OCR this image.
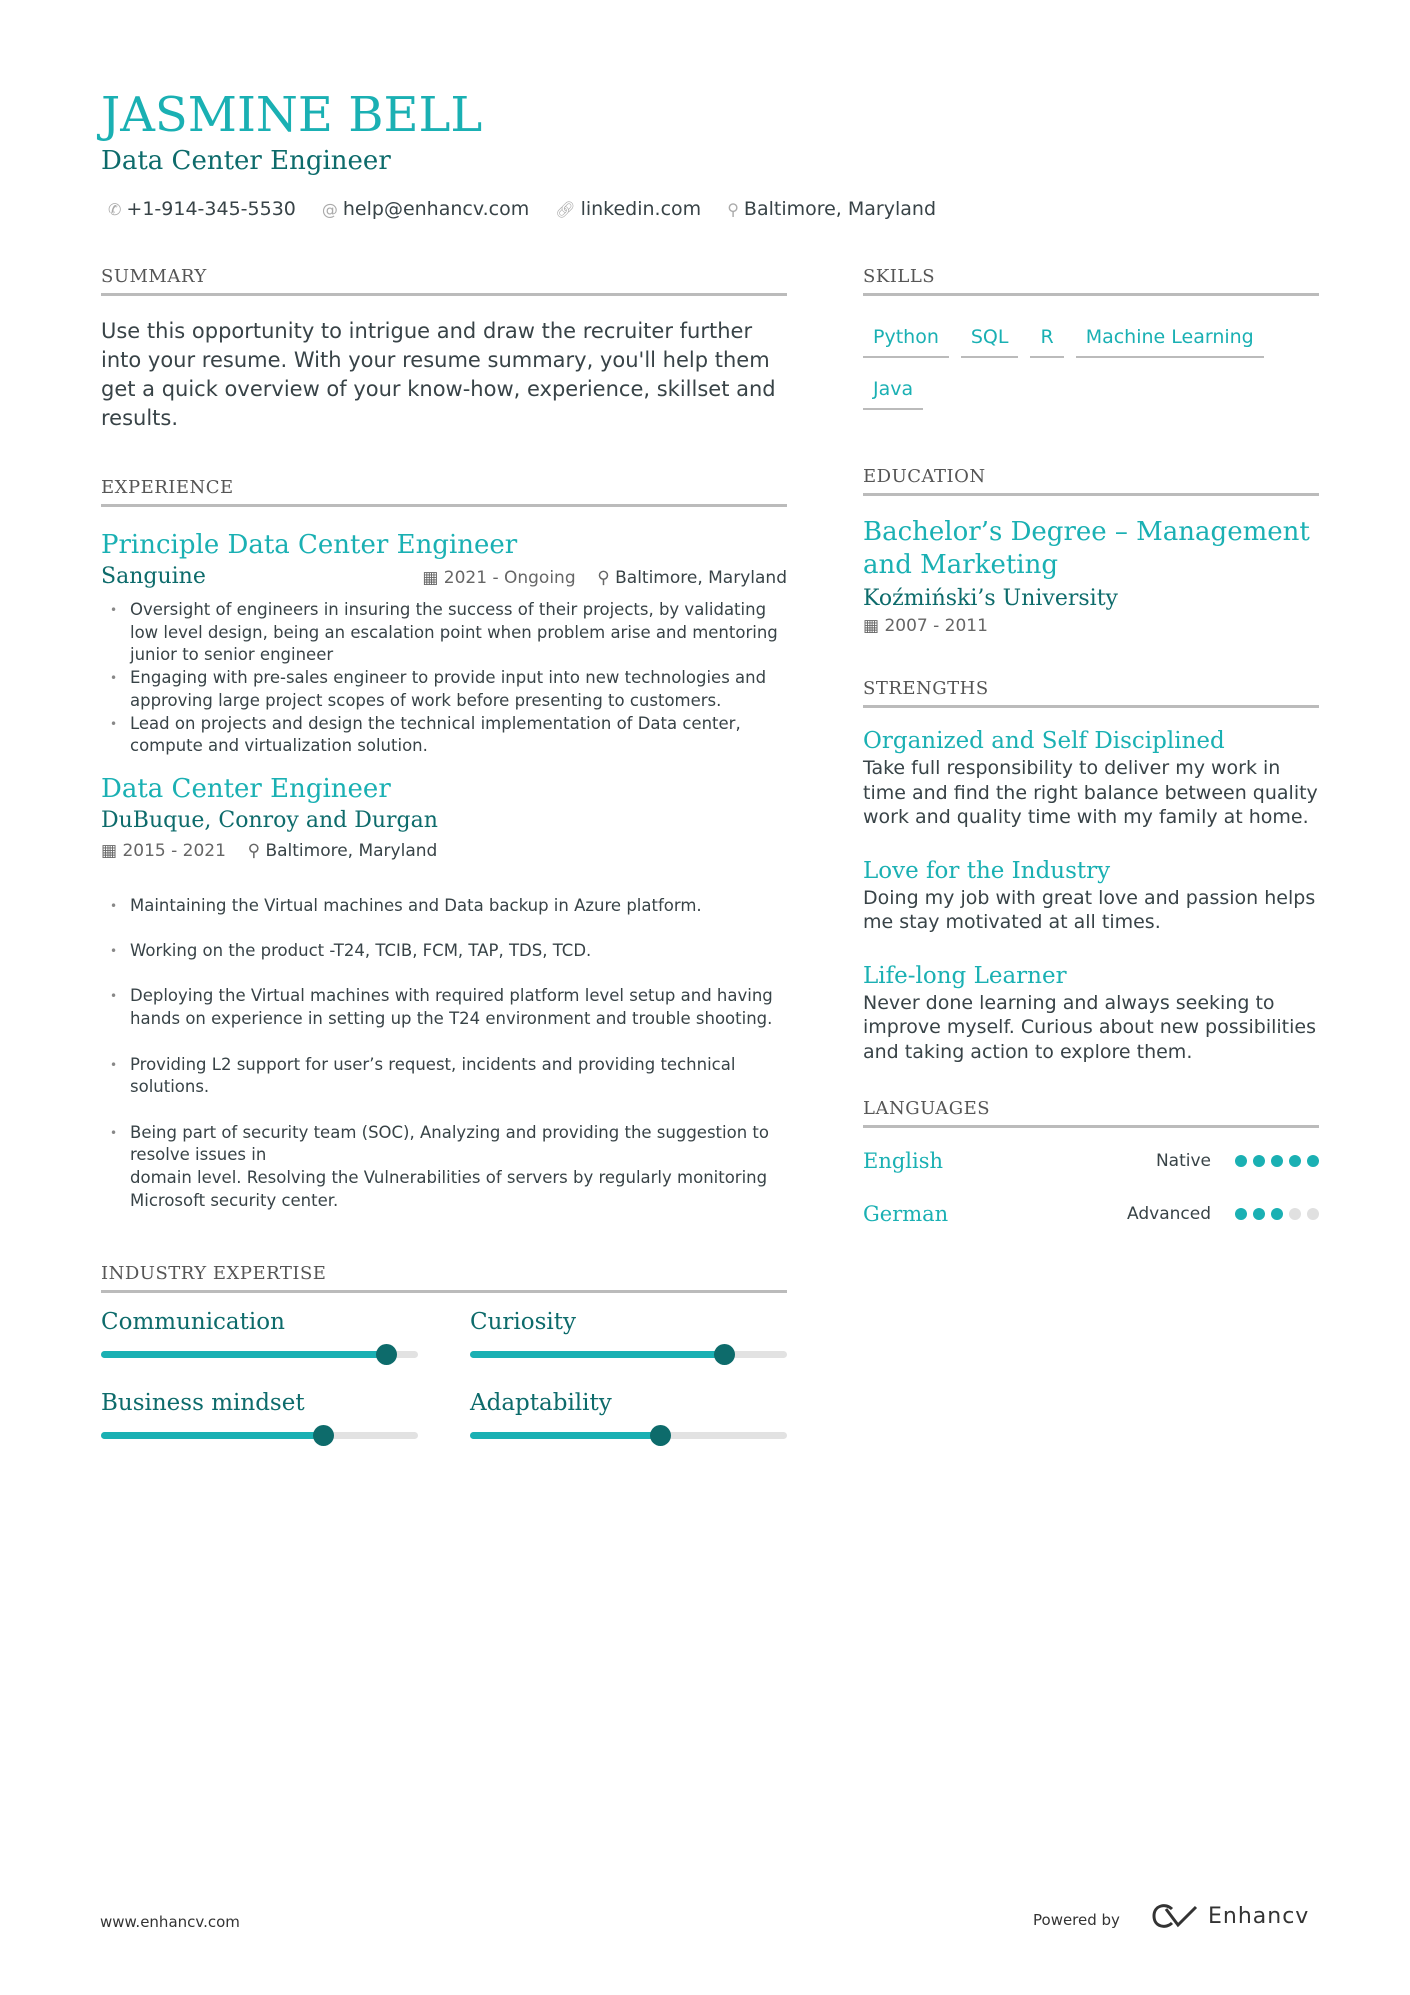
JASMINE BELL
Data Center Engineer
✆ +1-914-345-5530 @ help@enhancv.com 🔗︎ linkedin.com ⚲ Baltimore, Maryland
SUMMARY
Use this opportunity to intrigue and draw the recruiter further into your resume. With your resume summary, you'll help them get a quick overview of your know-how, experience, skillset and results.
EXPERIENCE
Principle Data Center Engineer
Sanguine	▦ 2021 - Ongoing ⚲ Baltimore, Maryland
• Oversight of engineers in insuring the success of their projects, by validating low level design, being an escalation point when problem arise and mentoring junior to senior engineer
• Engaging with pre-sales engineer to provide input into new technologies and approving large project scopes of work before presenting to customers.
• Lead on projects and design the technical implementation of Data center, compute and virtualization solution.
Data Center Engineer
DuBuque, Conroy and Durgan
▦ 2015 - 2021 ⚲ Baltimore, Maryland

• Maintaining the Virtual machines and Data backup in Azure platform.

• Working on the product -T24, TCIB, FCM, TAP, TDS, TCD.

• Deploying the Virtual machines with required platform level setup and having hands on experience in setting up the T24 environment and trouble shooting.

• Providing L2 support for user’s request, incidents and providing technical solutions.

• Being part of security team (SOC), Analyzing and providing the suggestion to resolve issues in
domain level. Resolving the Vulnerabilities of servers by regularly monitoring Microsoft security center.

INDUSTRY EXPERTISE
Communication	Curiosity
Business mindset	Adaptability
SKILLS
Python	SQL	R	Machine Learning
Java
EDUCATION
Bachelor’s Degree – Management and Marketing
Koźmiński’s University
▦ 2007 - 2011
STRENGTHS
Organized and Self Disciplined
Take full responsibility to deliver my work in time and find the right balance between quality work and quality time with my family at home.
Love for the Industry
Doing my job with great love and passion helps me stay motivated at all times.
Life-long Learner
Never done learning and always seeking to improve myself. Curious about new possibilities and taking action to explore them.
LANGUAGES
English	Native
German	Advanced
www.enhancv.com	Powered by	Enhancv
